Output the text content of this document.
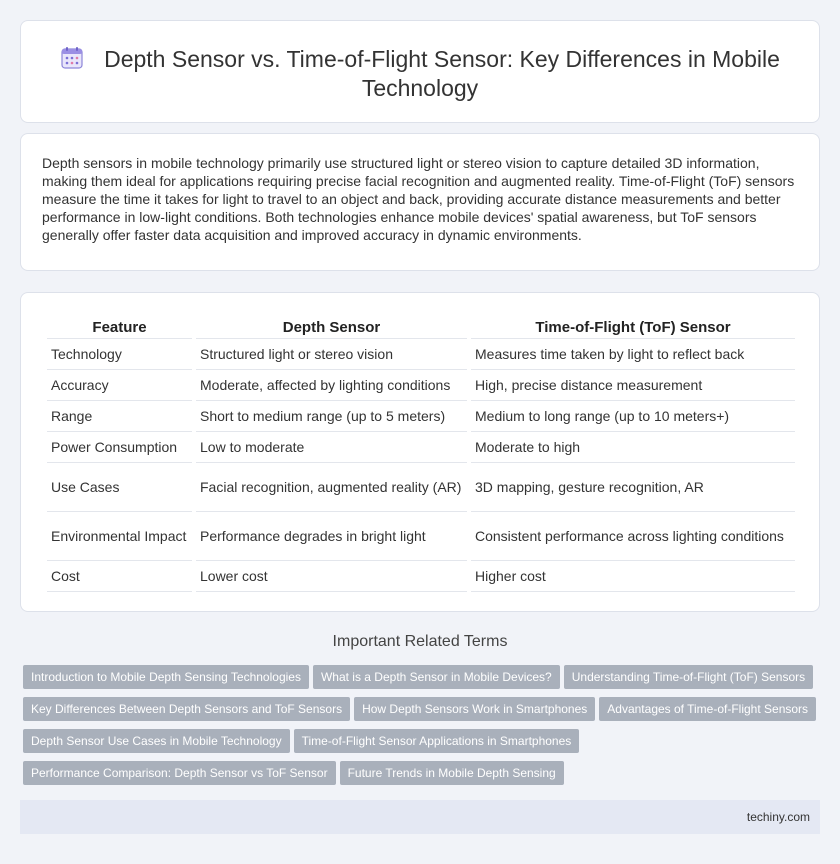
Depth Sensor vs. Time-of-Flight Sensor: Key Differences in Mobile Technology

Depth sensors in mobile technology primarily use structured light or stereo vision to capture detailed 3D information, making them ideal for applications requiring precise facial recognition and augmented reality. Time-of-Flight (ToF) sensors measure the time it takes for light to travel to an object and back, providing accurate distance measurements and better performance in low-light conditions. Both technologies enhance mobile devices' spatial awareness, but ToF sensors generally offer faster data acquisition and improved accuracy in dynamic environments.

Feature	Depth Sensor	Time-of-Flight (ToF) Sensor
Technology	Structured light or stereo vision	Measures time taken by light to reflect back
Accuracy	Moderate, affected by lighting conditions	High, precise distance measurement
Range	Short to medium range (up to 5 meters)	Medium to long range (up to 10 meters+)
Power Consumption	Low to moderate	Moderate to high
Use Cases	Facial recognition, augmented reality (AR)	3D mapping, gesture recognition, AR
Environmental Impact	Performance degrades in bright light	Consistent performance across lighting conditions
Cost	Lower cost	Higher cost
Important Related Terms
Introduction to Mobile Depth Sensing Technologies What is a Depth Sensor in Mobile Devices? Understanding Time-of-Flight (ToF) Sensors
Key Differences Between Depth Sensors and ToF Sensors How Depth Sensors Work in Smartphones Advantages of Time-of-Flight Sensors
Depth Sensor Use Cases in Mobile Technology Time-of-Flight Sensor Applications in Smartphones
Performance Comparison: Depth Sensor vs ToF Sensor Future Trends in Mobile Depth Sensing
techiny.com
